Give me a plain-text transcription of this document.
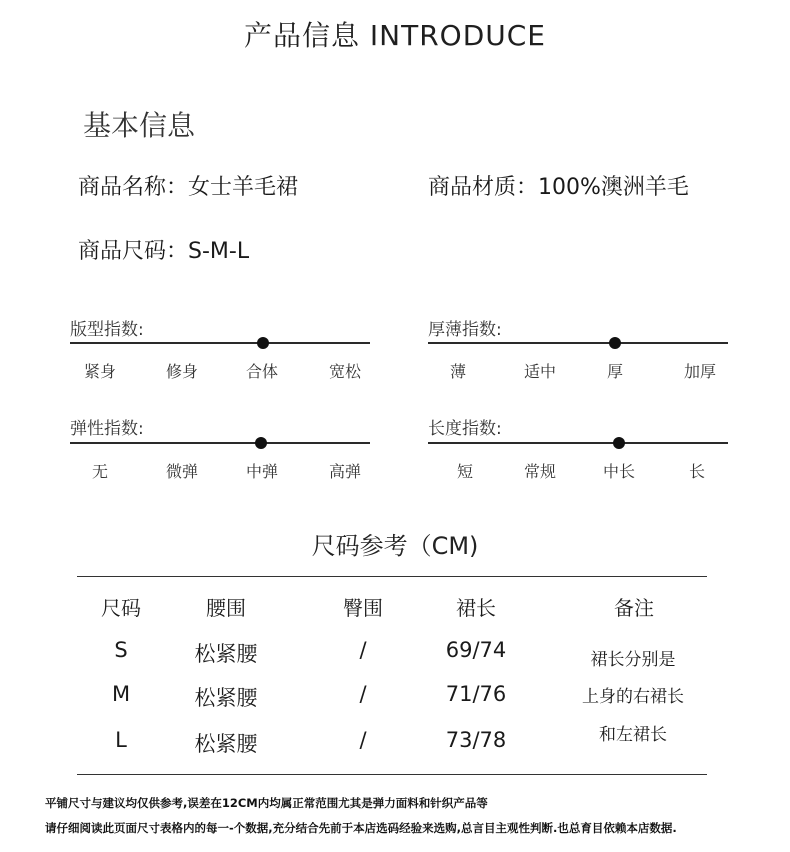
产品信息 INTRODUCE
基本信息
商品名称：女士羊毛裙	商品材质：100%澳洲羊毛
商品尺码：S-M-L
版型指数:
紧身	修身	合体	宽松
厚薄指数:
薄	适中	厚	加厚
弹性指数:
无	微弹	中弹	高弹
长度指数:
短	常规	中长	长
尺码参考（CM)
尺码	腰围	臀围	裙长	备注
S	松紧腰	/	69/74
M	松紧腰	/	71/76
L	松紧腰	/	73/78
裙长分别是
上身的右裙长
和左裙长
平铺尺寸与建议均仅供参考,误差在12CM内均属正常范围尤其是弹力面料和针织产品等
请仔细阅读此页面尺寸表格内的每一-个数据,充分结合先前于本店选码经验来选购,总言目主观性判断.也总育目依赖本店数据.
